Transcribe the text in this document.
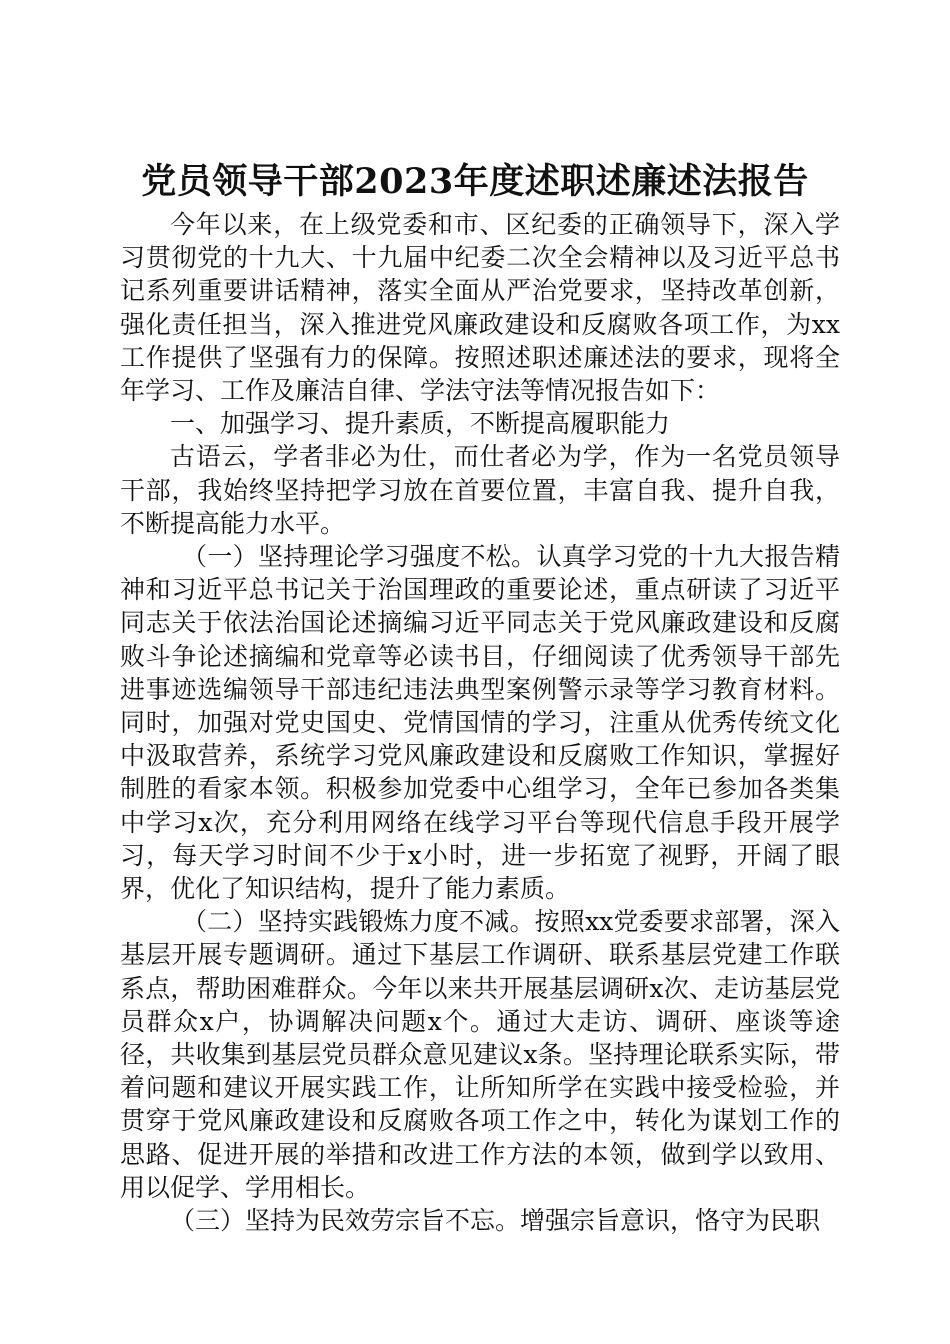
党员领导干部2023年度述职述廉述法报告

今年以来，在上级党委和市、区纪委的正确领导下，深入学习贯彻党的十九大、十九届中纪委二次全会精神以及习近平总书记系列重要讲话精神，落实全面从严治党要求，坚持改革创新，强化责任担当，深入推进党风廉政建设和反腐败各项工作，为xx工作提供了坚强有力的保障。按照述职述廉述法的要求，现将全年学习、工作及廉洁自律、学法守法等情况报告如下：

一、加强学习、提升素质，不断提高履职能力

古语云，学者非必为仕，而仕者必为学，作为一名党员领导干部，我始终坚持把学习放在首要位置，丰富自我、提升自我，不断提高能力水平。

（一）坚持理论学习强度不松。认真学习党的十九大报告精神和习近平总书记关于治国理政的重要论述，重点研读了习近平同志关于依法治国论述摘编习近平同志关于党风廉政建设和反腐败斗争论述摘编和党章等必读书目，仔细阅读了优秀领导干部先进事迹选编领导干部违纪违法典型案例警示录等学习教育材料。同时，加强对党史国史、党情国情的学习，注重从优秀传统文化中汲取营养，系统学习党风廉政建设和反腐败工作知识，掌握好制胜的看家本领。积极参加党委中心组学习，全年已参加各类集中学习x次，充分利用网络在线学习平台等现代信息手段开展学习，每天学习时间不少于x小时，进一步拓宽了视野，开阔了眼界，优化了知识结构，提升了能力素质。

（二）坚持实践锻炼力度不减。按照xx党委要求部署，深入基层开展专题调研。通过下基层工作调研、联系基层党建工作联系点，帮助困难群众。今年以来共开展基层调研x次、走访基层党员群众x户，协调解决问题x个。通过大走访、调研、座谈等途径，共收集到基层党员群众意见建议x条。坚持理论联系实际，带着问题和建议开展实践工作，让所知所学在实践中接受检验，并贯穿于党风廉政建设和反腐败各项工作之中，转化为谋划工作的思路、促进开展的举措和改进工作方法的本领，做到学以致用、用以促学、学用相长。

（三）坚持为民效劳宗旨不忘。增强宗旨意识，恪守为民职
